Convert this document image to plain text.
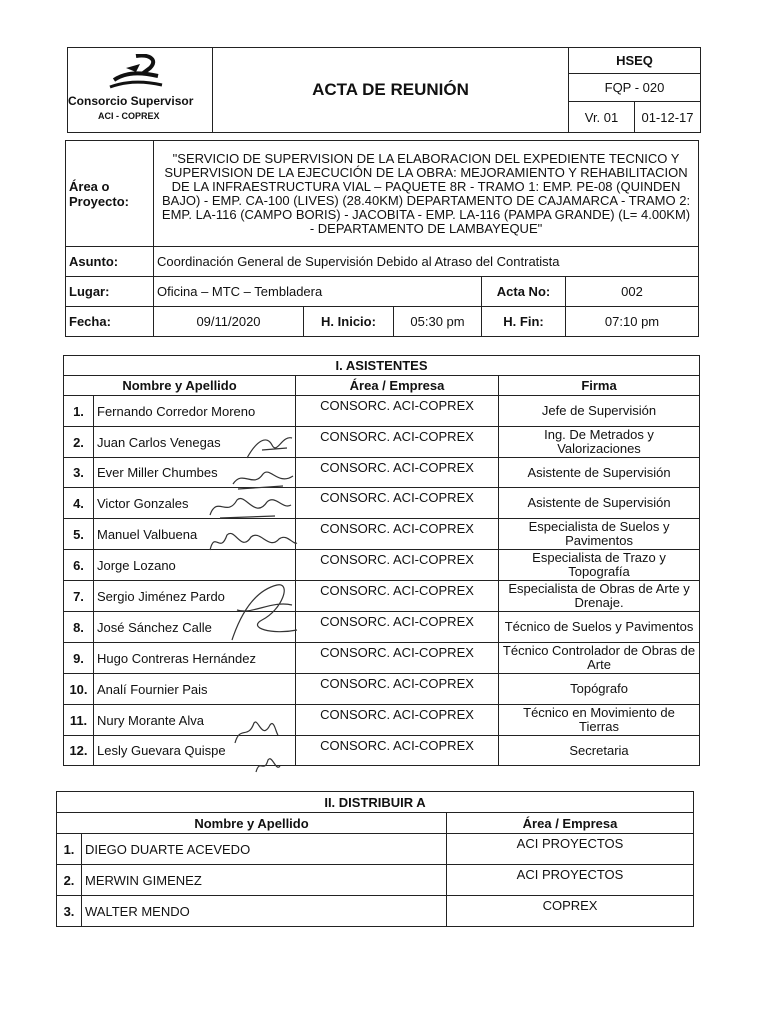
Consorcio Supervisor
ACI - COPREX	ACTA DE REUNIÓN	HSEQ	
		FQP - 020	
		Vr. 01	01-12-17
Área o Proyecto:	"SERVICIO DE SUPERVISION DE LA ELABORACION DEL EXPEDIENTE TECNICO Y SUPERVISION DE LA EJECUCIÓN DE LA OBRA: MEJORAMIENTO Y REHABILITACION DE LA INFRAESTRUCTURA VIAL – PAQUETE 8R - TRAMO 1: EMP. PE-08 (QUINDEN BAJO) - EMP. CA-100 (LIVES) (28.40KM) DEPARTAMENTO DE CAJAMARCA - TRAMO 2: EMP. LA-116 (CAMPO BORIS) - JACOBITA - EMP. LA-116 (PAMPA GRANDE) (L= 4.00KM) - DEPARTAMENTO DE LAMBAYEQUE"				
Asunto:	Coordinación General de Supervisión Debido al Atraso del Contratista				
Lugar:	Oficina – MTC – Tembladera			Acta No:	002
Fecha:	09/11/2020	H. Inicio:	05:30 pm	H. Fin:	07:10 pm
I. ASISTENTES			
Nombre y Apellido		Área / Empresa	Firma
1.	Fernando Corredor Moreno	CONSORC. ACI-COPREX	Jefe de Supervisión
2.	Juan Carlos Venegas	CONSORC. ACI-COPREX	Ing. De Metrados y Valorizaciones
3.	Ever Miller Chumbes	CONSORC. ACI-COPREX	Asistente de Supervisión
4.	Victor Gonzales	CONSORC. ACI-COPREX	Asistente de Supervisión
5.	Manuel Valbuena	CONSORC. ACI-COPREX	Especialista de Suelos y Pavimentos
6.	Jorge Lozano	CONSORC. ACI-COPREX	Especialista de Trazo y Topografía
7.	Sergio Jiménez Pardo	CONSORC. ACI-COPREX	Especialista de Obras de Arte y Drenaje.
8.	José Sánchez Calle	CONSORC. ACI-COPREX	Técnico de Suelos y Pavimentos
9.	Hugo Contreras Hernández	CONSORC. ACI-COPREX	Técnico Controlador de Obras de Arte
10.	Analí Fournier Pais	CONSORC. ACI-COPREX	Topógrafo
11.	Nury Morante Alva	CONSORC. ACI-COPREX	Técnico en Movimiento de Tierras
12.	Lesly Guevara Quispe	CONSORC. ACI-COPREX	Secretaria
II. DISTRIBUIR A		
Nombre y Apellido		Área / Empresa
1.	DIEGO DUARTE ACEVEDO	ACI PROYECTOS
2.	MERWIN GIMENEZ	ACI PROYECTOS
3.	WALTER MENDO	COPREX
